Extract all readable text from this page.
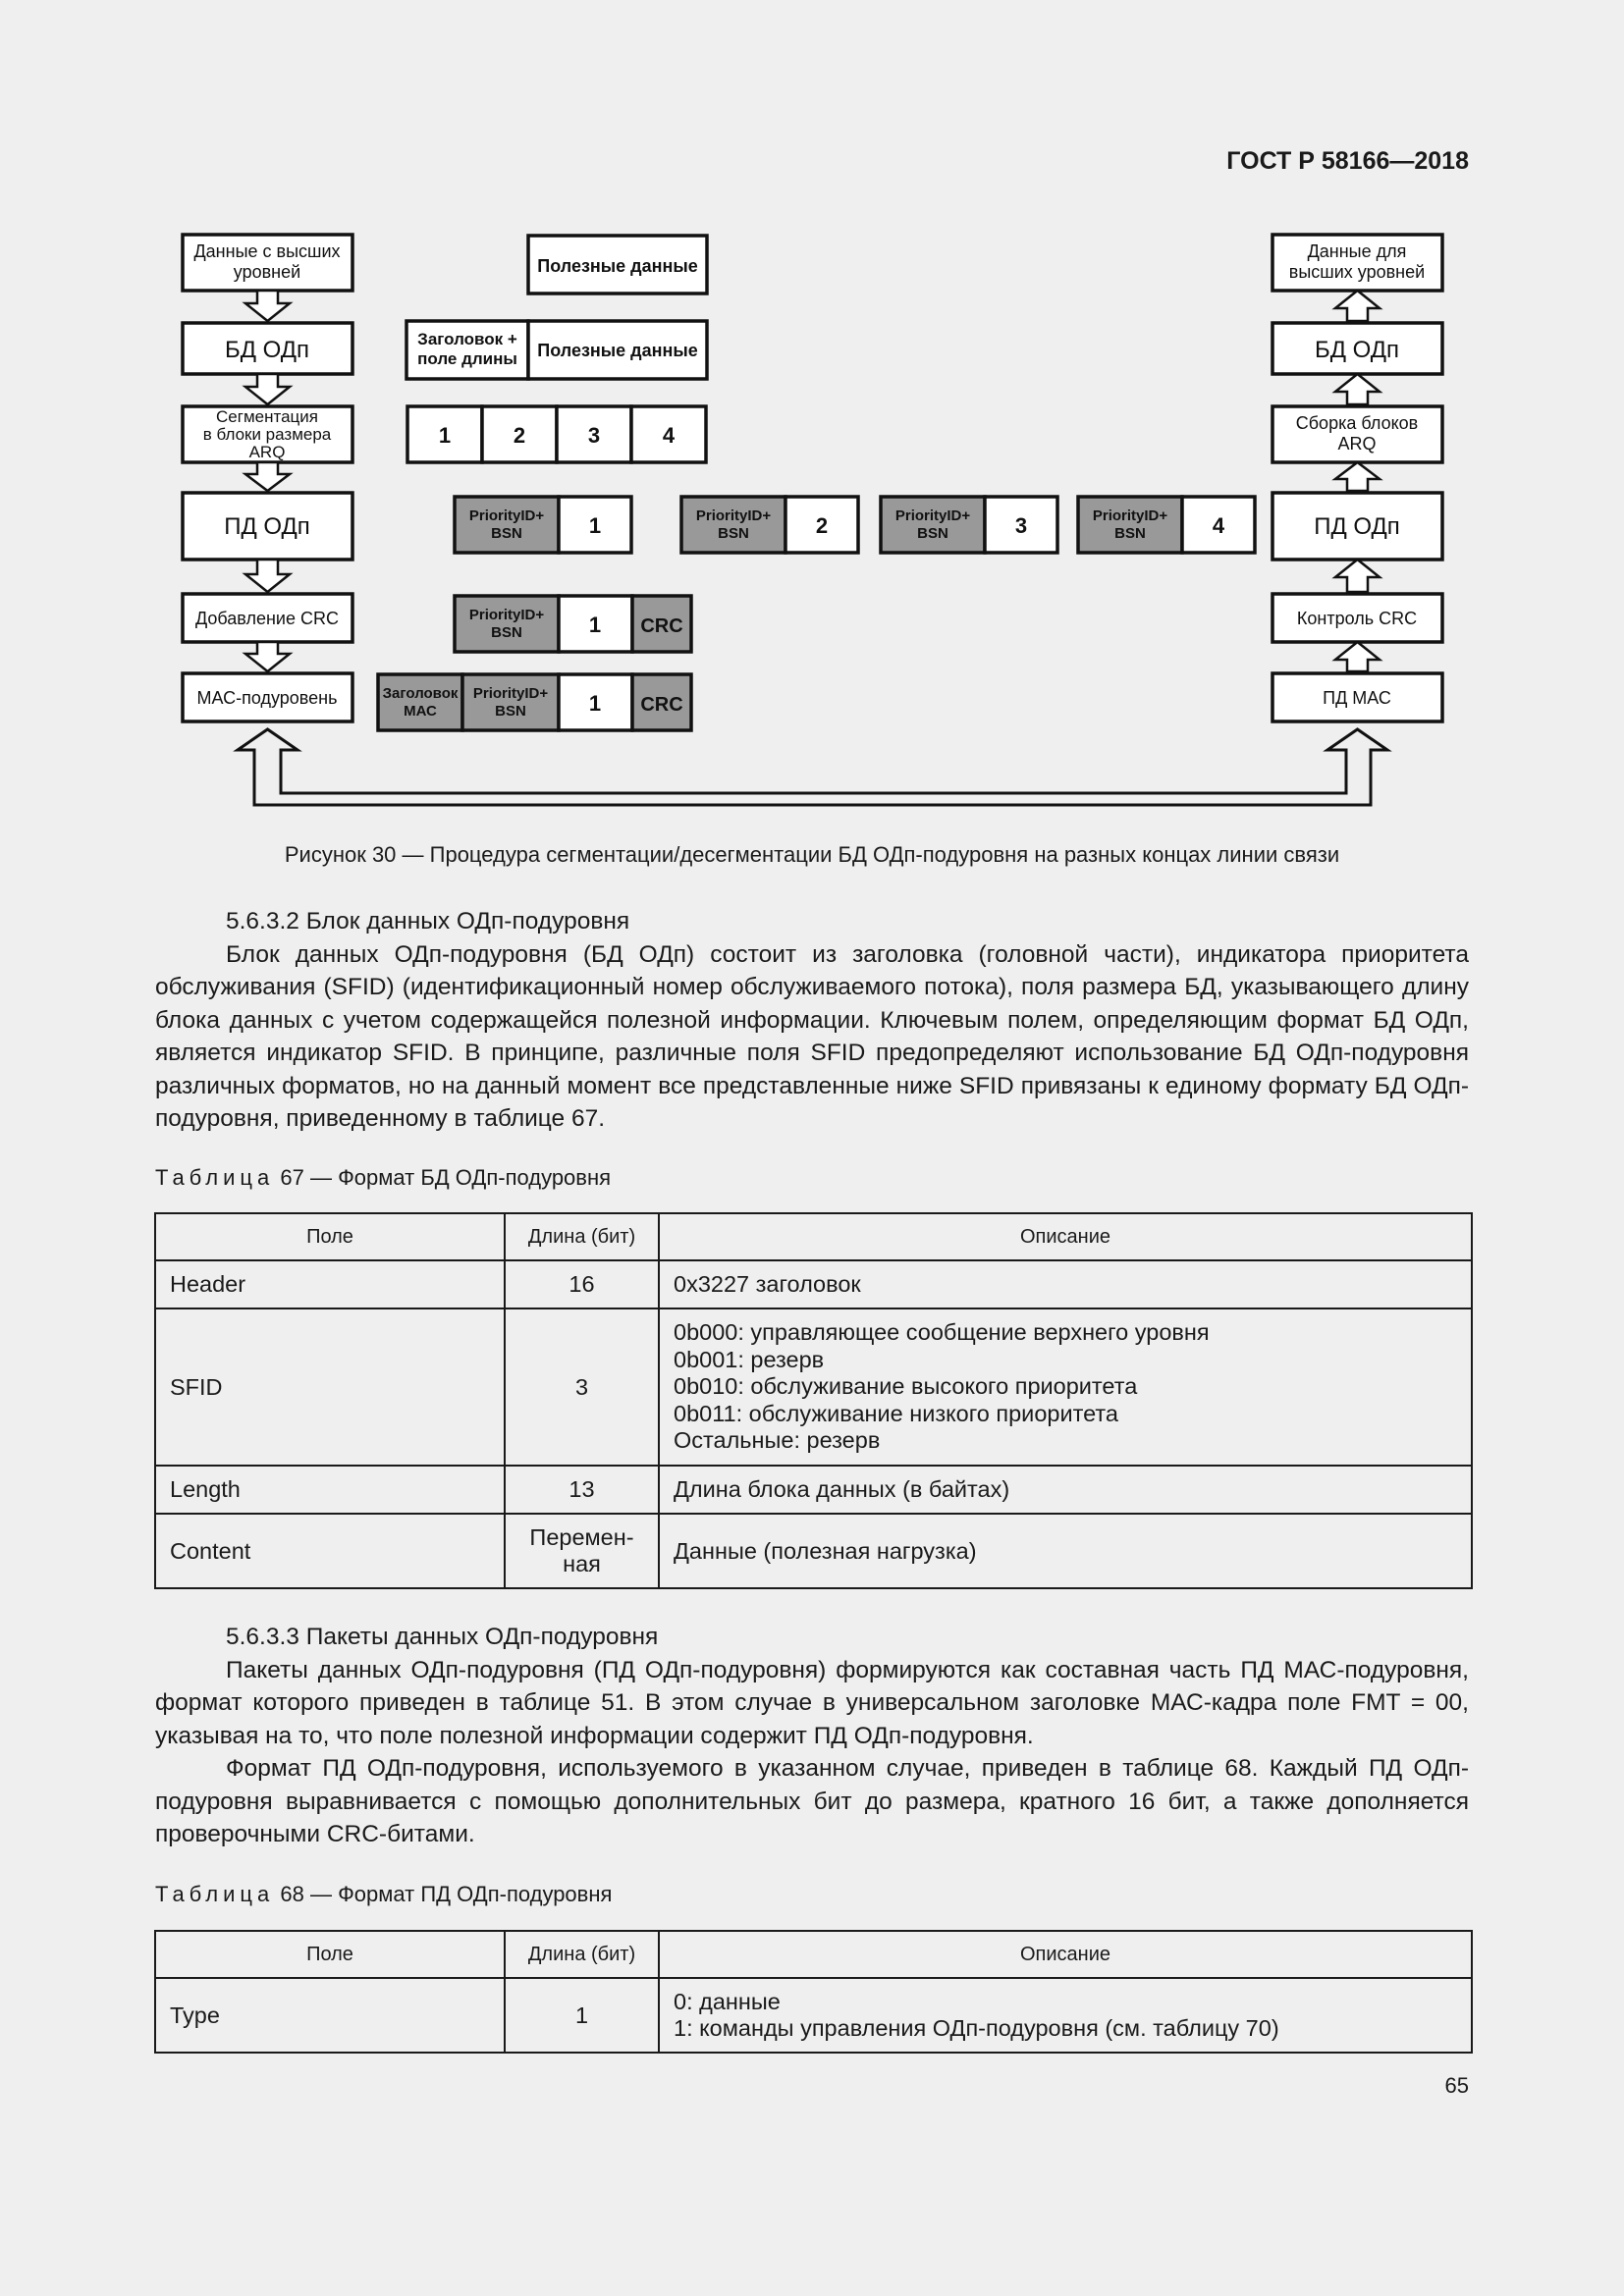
ГОСТ Р 58166—2018
Данные с высших
уровней
БД ОДп
Сегментация
в блоки размера
ARQ
ПД ОДп
Добавление CRC
МАС-подуровень
Данные для
высших уровней
БД ОДп
Сборка блоков
ARQ
ПД ОДп
Контроль CRC
ПД МАС
Полезные данные
Заголовок +
поле длины Полезные данные
1	2	3	4
PriorityID+
BSN	1	PriorityID+
BSN	2	PriorityID+
BSN	3	PriorityID+
BSN	4
PriorityID+
BSN	1 CRC
Заголовок
МАС
PriorityID+
BSN	1 CRC
Рисунок 30 — Процедура сегментации/десегментации БД ОДп-подуровня на разных концах линии связи

5.6.3.2 Блок данных ОДп-подуровня

Блок данных ОДп-подуровня (БД ОДп) состоит из заголовка (головной части), индикатора приоритета обслуживания (SFID) (идентификационный номер обслуживаемого потока), поля размера БД, указывающего длину блока данных с учетом содержащейся полезной информации. Ключевым полем, определяющим формат БД ОДп, является индикатор SFID. В принципе, различные поля SFID предопределяют использование БД ОДп-подуровня различных форматов, но на данный момент все представленные ниже SFID привязаны к единому формату БД ОДп-подуровня, приведенному в таблице 67.

Таблица 67 — Формат БД ОДп-подуровня
Поле	Длина (бит)	Описание
Header	16	0x3227 заголовок
SFID	3	0b000: управляющее сообщение верхнего уровня
0b001: резерв
0b010: обслуживание высокого приоритета
0b011: обслуживание низкого приоритета
Остальные: резерв

Length	13	Длина блока данных (в байтах)
Content	Перемен-ная	Данные (полезная нагрузка)

5.6.3.3 Пакеты данных ОДп-подуровня

Пакеты данных ОДп-подуровня (ПД ОДп-подуровня) формируются как составная часть ПД МАС-подуровня, формат которого приведен в таблице 51. В этом случае в универсальном заголовке МАС-кадра поле FMT = 00, указывая на то, что поле полезной информации содержит ПД ОДп-подуровня.

Формат ПД ОДп-подуровня, используемого в указанном случае, приведен в таблице 68. Каждый ПД ОДп-подуровня выравнивается с помощью дополнительных бит до размера, кратного 16 бит, а также дополняется проверочными CRC-битами.

Таблица 68 — Формат ПД ОДп-подуровня
Поле	Длина (бит)	Описание
Type	1	0: данные
1: команды управления ОДп-подуровня (см. таблицу 70)
65
